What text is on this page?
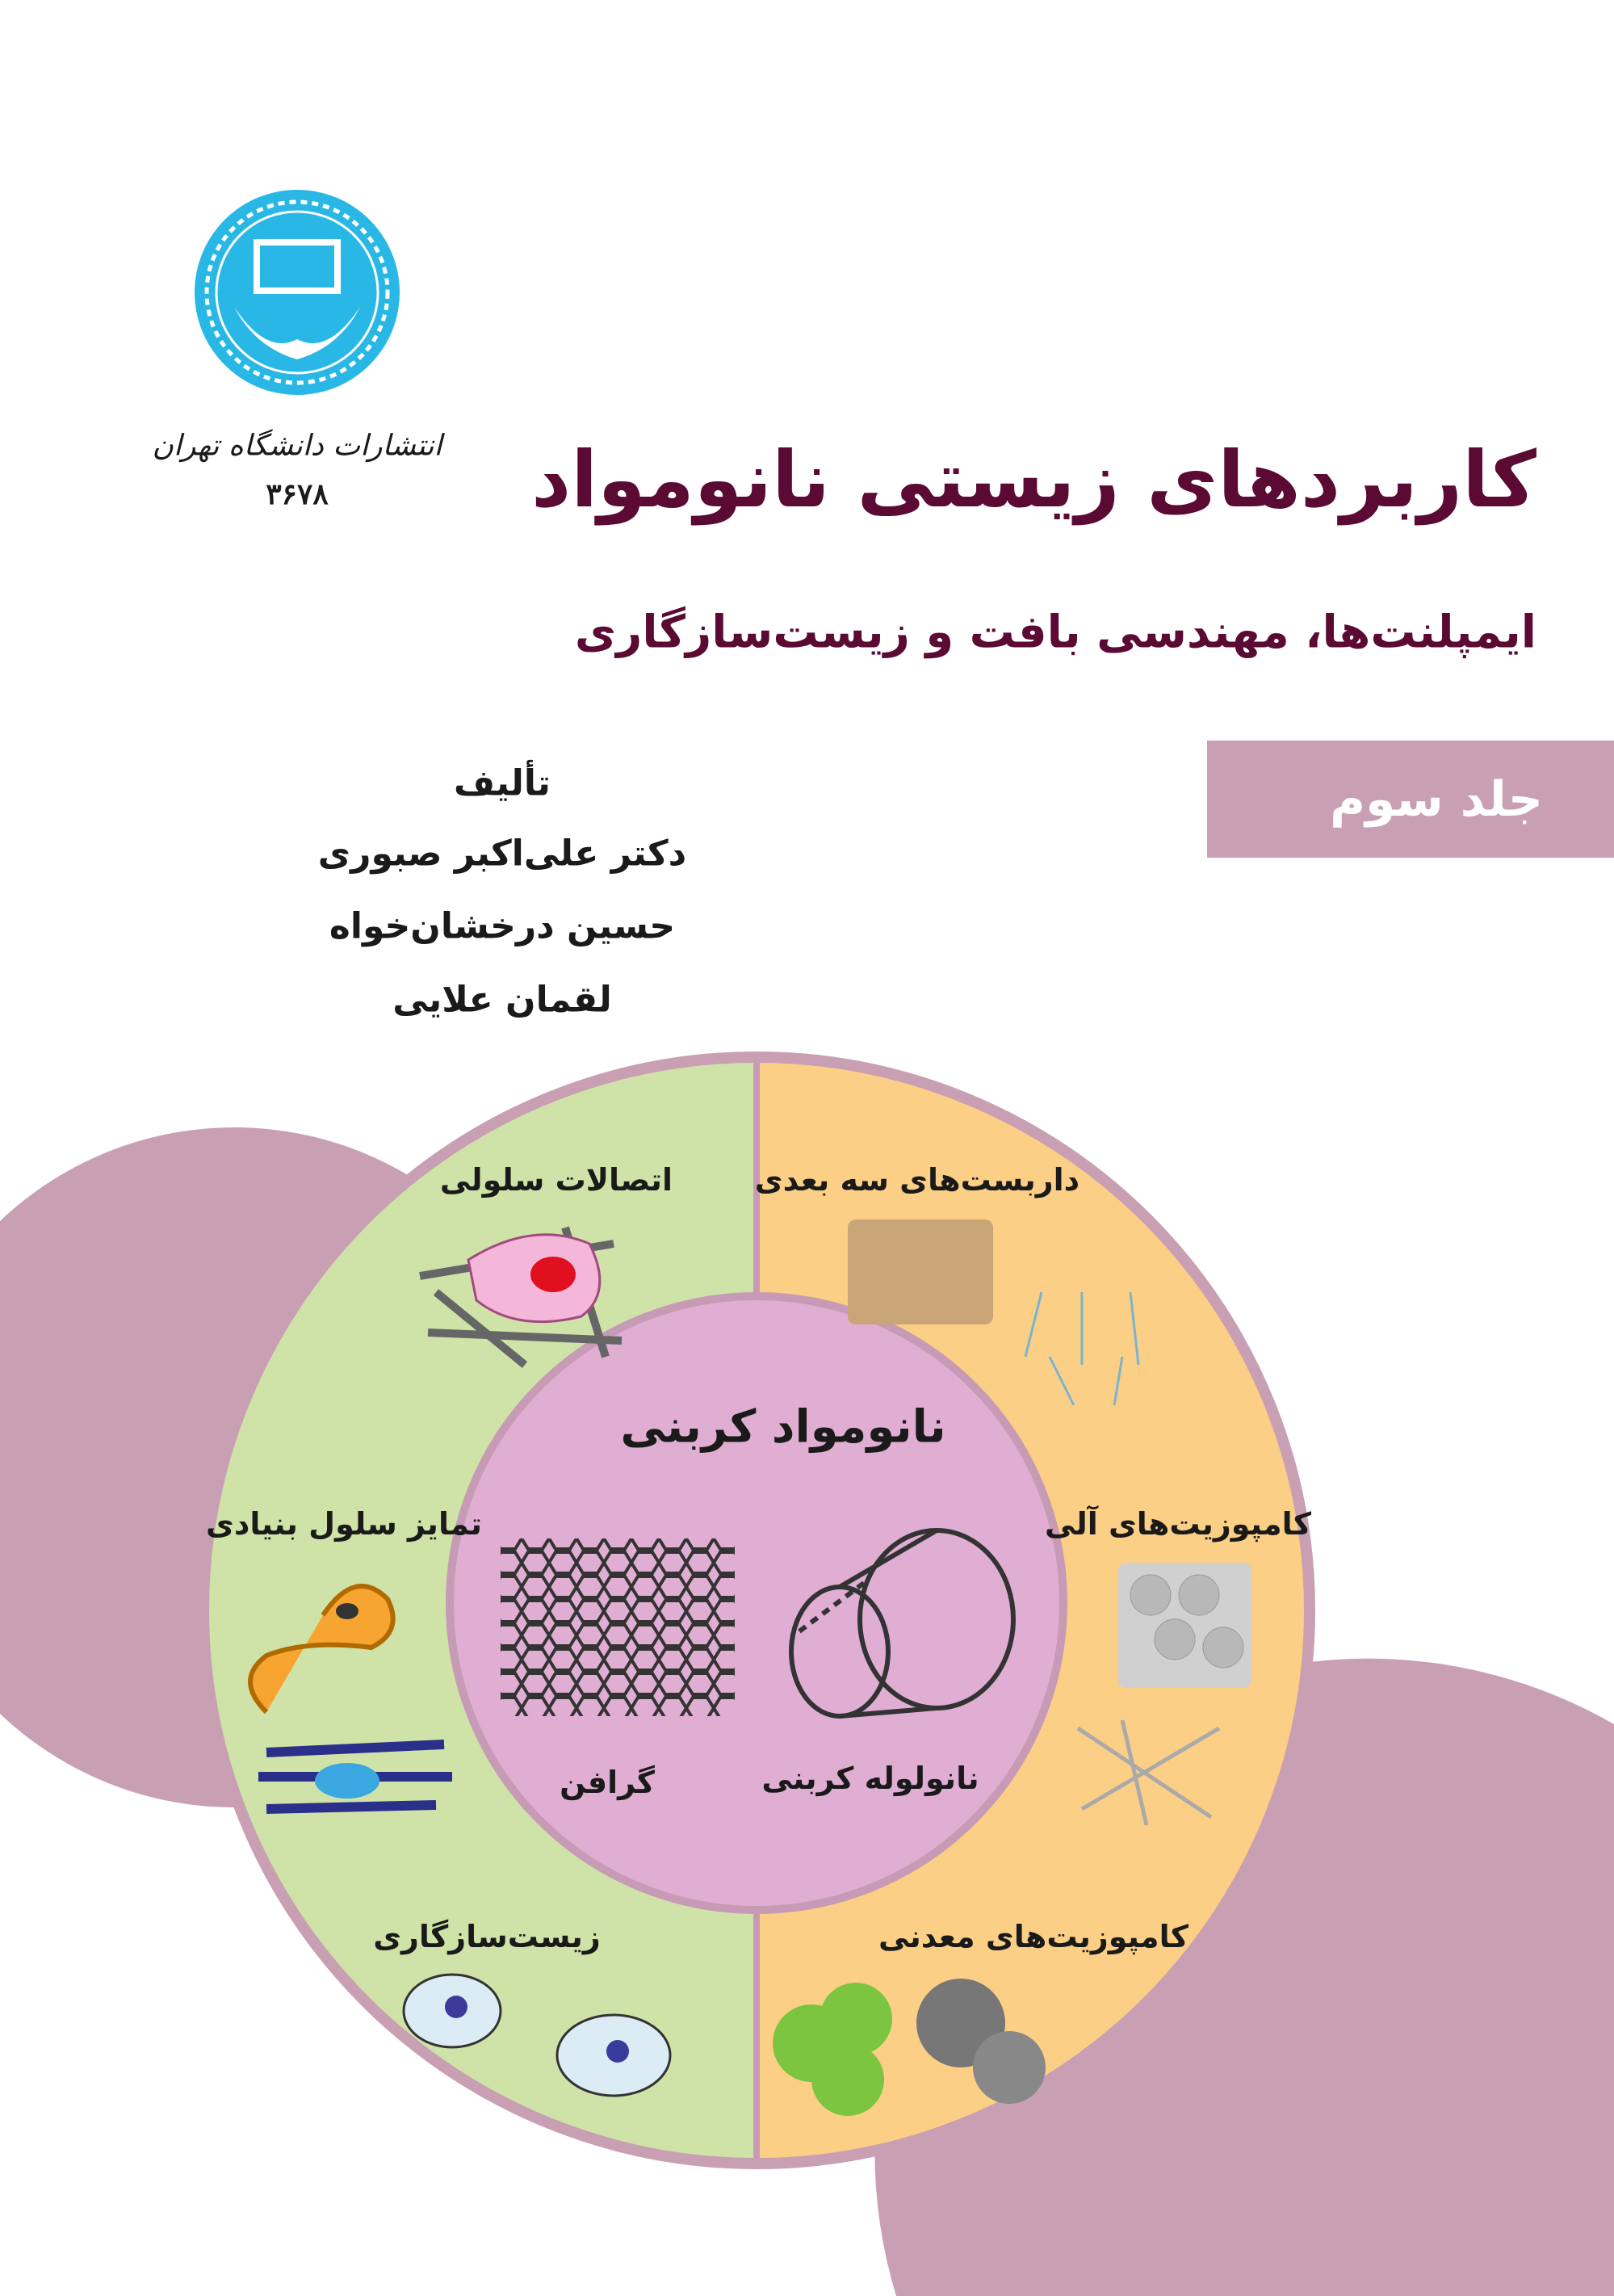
انتشارات دانشگاه تهران
۳۶۷۸	کاربردهای زیستی نانومواد
ایمپلنت‌ها، مهندسی بافت و زیست‌سازگاری
جلد سوم
تألیف
دکتر علی‌اکبر صبوری
حسین درخشان‌خواه
لقمان علایی
نانومواد کربنی
گرافن	نانولوله کربنی
اتصالات سلولی
تمایز سلول بنیادی
زیست‌سازگاری
داربست‌های سه بعدی
کامپوزیت‌های آلی
کامپوزیت‌های معدنی
